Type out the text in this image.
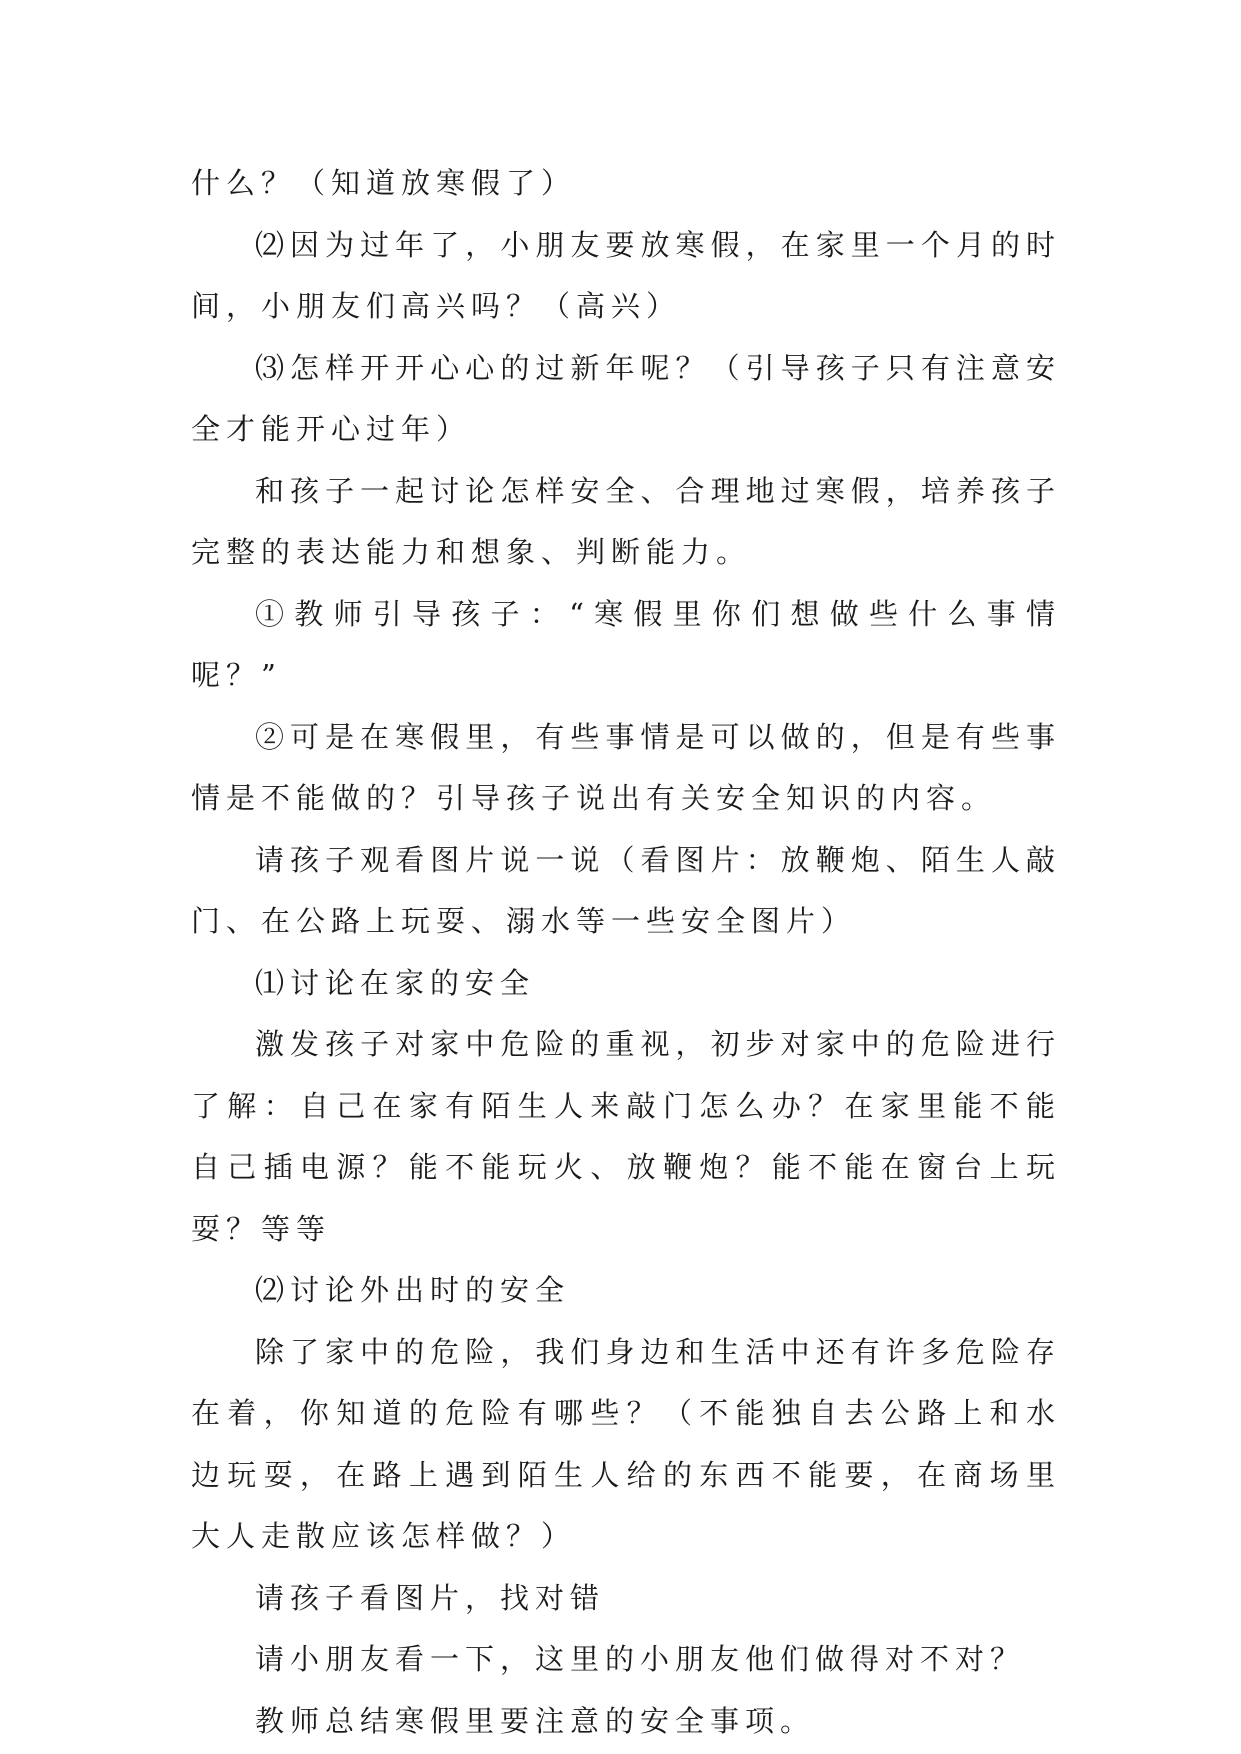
什么？（知道放寒假了）

⑵因为过年了，小朋友要放寒假，在家里一个月的时间，小朋友们高兴吗？（高兴）

⑶怎样开开心心的过新年呢？（引导孩子只有注意安全才能开心过年）

和孩子一起讨论怎样安全、合理地过寒假，培养孩子完整的表达能力和想象、判断能力。

①教师引导孩子：“寒假里你们想做些什么事情呢？”

②可是在寒假里，有些事情是可以做的，但是有些事情是不能做的？引导孩子说出有关安全知识的内容。

请孩子观看图片说一说（看图片：放鞭炮、陌生人敲门、在公路上玩耍、溺水等一些安全图片）

⑴讨论在家的安全

激发孩子对家中危险的重视，初步对家中的危险进行了解：自己在家有陌生人来敲门怎么办？在家里能不能自己插电源？能不能玩火、放鞭炮？能不能在窗台上玩耍？等等

⑵讨论外出时的安全

除了家中的危险，我们身边和生活中还有许多危险存在着，你知道的危险有哪些？（不能独自去公路上和水边玩耍，在路上遇到陌生人给的东西不能要，在商场里大人走散应该怎样做？）

请孩子看图片，找对错

请小朋友看一下，这里的小朋友他们做得对不对？

教师总结寒假里要注意的安全事项。
